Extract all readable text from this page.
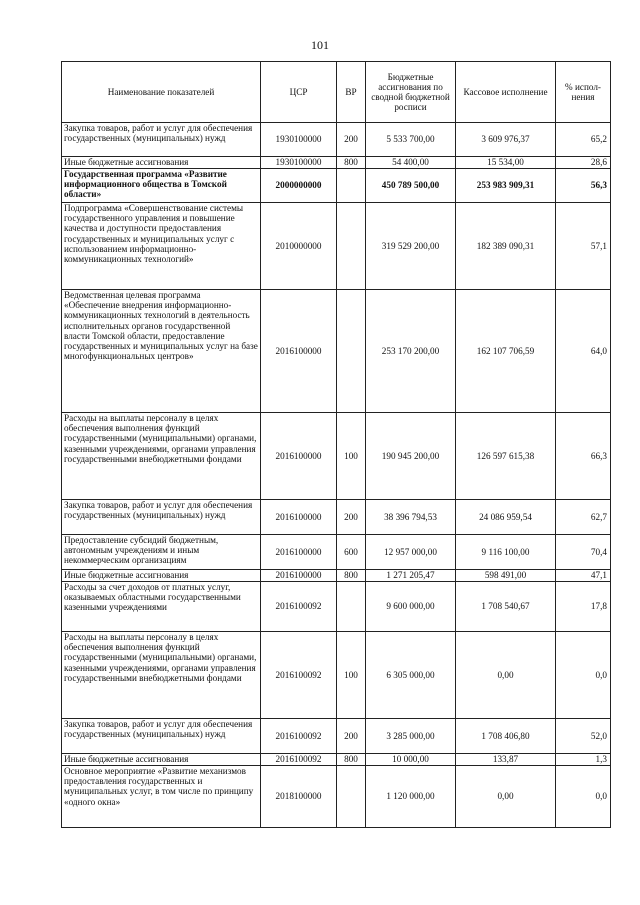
101
Наименование показателей	ЦСР	ВР	Бюджетные ассигнования по сводной бюджетной росписи	Кассовое исполнение	% испол-нения
Закупка товаров, работ и услуг для обеспечения государственных (муниципальных) нужд	1930100000	200	5 533 700,00	3 609 976,37	65,2
Иные бюджетные ассигнования	1930100000	800	54 400,00	15 534,00	28,6
Государственная программа «Развитие информационного общества в Томской области»	2000000000		450 789 500,00	253 983 909,31	56,3
Подпрограмма «Совершенствование системы государственного управления и повышение качества и доступности предоставления государственных и муниципальных услуг с использованием информационно-коммуникационных технологий»	2010000000		319 529 200,00	182 389 090,31	57,1
Ведомственная целевая программа «Обеспечение внедрения информационно-коммуникационных технологий в деятельность исполнительных органов государственной власти Томской области, предоставление государственных и муниципальных услуг на базе многофункциональных центров»	2016100000		253 170 200,00	162 107 706,59	64,0
Расходы на выплаты персоналу в целях обеспечения выполнения функций государственными (муниципальными) органами, казенными учреждениями, органами управления государственными внебюджетными фондами	2016100000	100	190 945 200,00	126 597 615,38	66,3
Закупка товаров, работ и услуг для обеспечения государственных (муниципальных) нужд	2016100000	200	38 396 794,53	24 086 959,54	62,7
Предоставление субсидий бюджетным, автономным учреждениям и иным некоммерческим организациям	2016100000	600	12 957 000,00	9 116 100,00	70,4
Иные бюджетные ассигнования	2016100000	800	1 271 205,47	598 491,00	47,1
Расходы за счет доходов от платных услуг, оказываемых областными государственными казенными учреждениями	2016100092		9 600 000,00	1 708 540,67	17,8
Расходы на выплаты персоналу в целях обеспечения выполнения функций государственными (муниципальными) органами, казенными учреждениями, органами управления государственными внебюджетными фондами	2016100092	100	6 305 000,00	0,00	0,0
Закупка товаров, работ и услуг для обеспечения государственных (муниципальных) нужд	2016100092	200	3 285 000,00	1 708 406,80	52,0
Иные бюджетные ассигнования	2016100092	800	10 000,00	133,87	1,3
Основное мероприятие «Развитие механизмов предоставления государственных и муниципальных услуг, в том числе по принципу «одного окна»	2018100000		1 120 000,00	0,00	0,0
